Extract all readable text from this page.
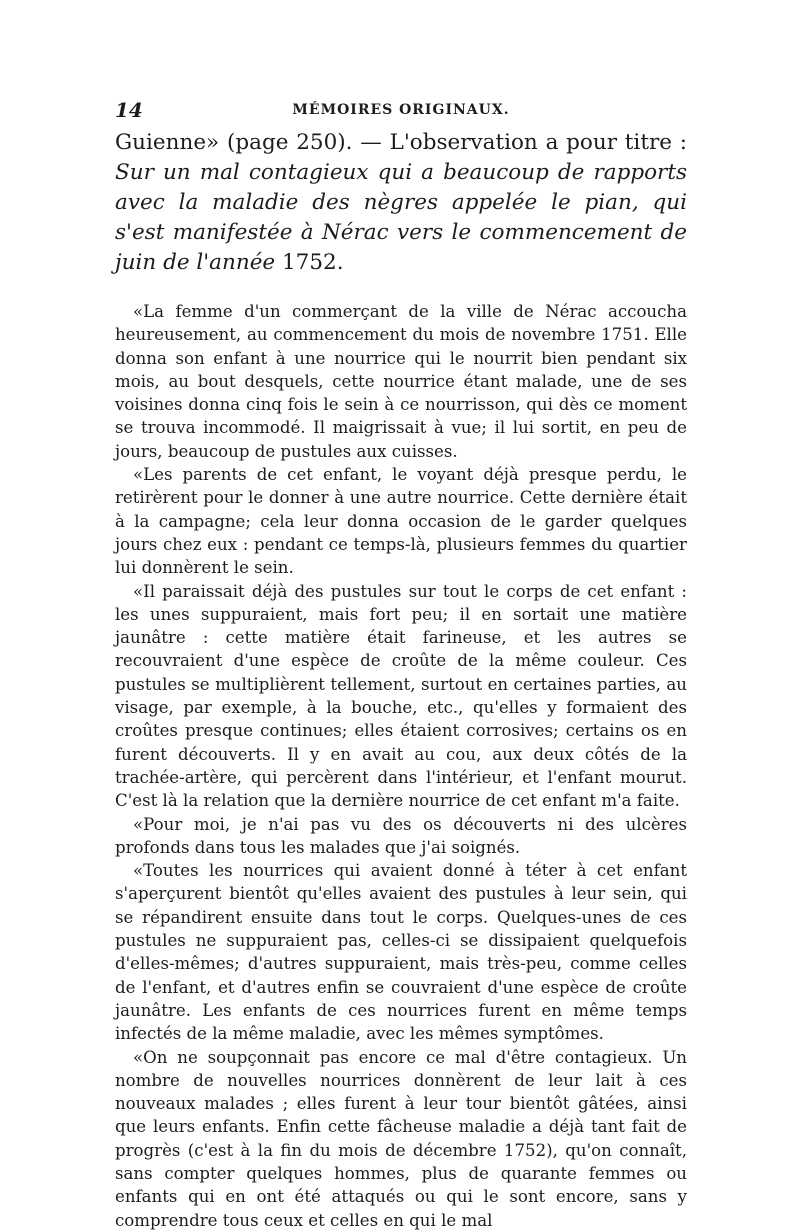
14	MÉMOIRES ORIGINAUX.

Guienne» (page 250). — L'observation a pour titre : Sur un mal contagieux qui a beaucoup de rapports avec la maladie des nègres appelée le pian, qui s'est manifestée à Nérac vers le commencement de juin de l'année 1752.

«La femme d'un commerçant de la ville de Nérac accoucha heureusement, au commencement du mois de novembre 1751. Elle donna son enfant à une nourrice qui le nourrit bien pendant six mois, au bout desquels, cette nourrice étant malade, une de ses voisines donna cinq fois le sein à ce nourrisson, qui dès ce moment se trouva incommodé. Il maigrissait à vue; il lui sortit, en peu de jours, beaucoup de pustules aux cuisses.

«Les parents de cet enfant, le voyant déjà presque perdu, le retirèrent pour le donner à une autre nourrice. Cette dernière était à la campagne; cela leur donna occasion de le garder quelques jours chez eux : pendant ce temps-là, plusieurs femmes du quartier lui donnèrent le sein.

«Il paraissait déjà des pustules sur tout le corps de cet enfant : les unes suppuraient, mais fort peu; il en sortait une matière jaunâtre : cette matière était farineuse, et les autres se recouvraient d'une espèce de croûte de la même couleur. Ces pustules se multiplièrent tellement, surtout en certaines parties, au visage, par exemple, à la bouche, etc., qu'elles y formaient des croûtes presque continues; elles étaient corrosives; certains os en furent découverts. Il y en avait au cou, aux deux côtés de la trachée-artère, qui percèrent dans l'intérieur, et l'enfant mourut. C'est là la relation que la dernière nourrice de cet enfant m'a faite.

«Pour moi, je n'ai pas vu des os découverts ni des ulcères profonds dans tous les malades que j'ai soignés.

«Toutes les nourrices qui avaient donné à téter à cet enfant s'aperçurent bientôt qu'elles avaient des pustules à leur sein, qui se répandirent ensuite dans tout le corps. Quelques-unes de ces pustules ne suppuraient pas, celles-ci se dissipaient quelquefois d'elles-mêmes; d'autres suppuraient, mais très-peu, comme celles de l'enfant, et d'autres enfin se couvraient d'une espèce de croûte jaunâtre. Les enfants de ces nourrices furent en même temps infectés de la même maladie, avec les mêmes symptômes.

«On ne soupçonnait pas encore ce mal d'être contagieux. Un nombre de nouvelles nourrices donnèrent de leur lait à ces nouveaux malades ; elles furent à leur tour bientôt gâtées, ainsi que leurs enfants. Enfin cette fâcheuse maladie a déjà tant fait de progrès (c'est à la fin du mois de décembre 1752), qu'on connaît, sans compter quelques hommes, plus de quarante femmes ou enfants qui en ont été attaqués ou qui le sont encore, sans y comprendre tous ceux et celles en qui le mal
